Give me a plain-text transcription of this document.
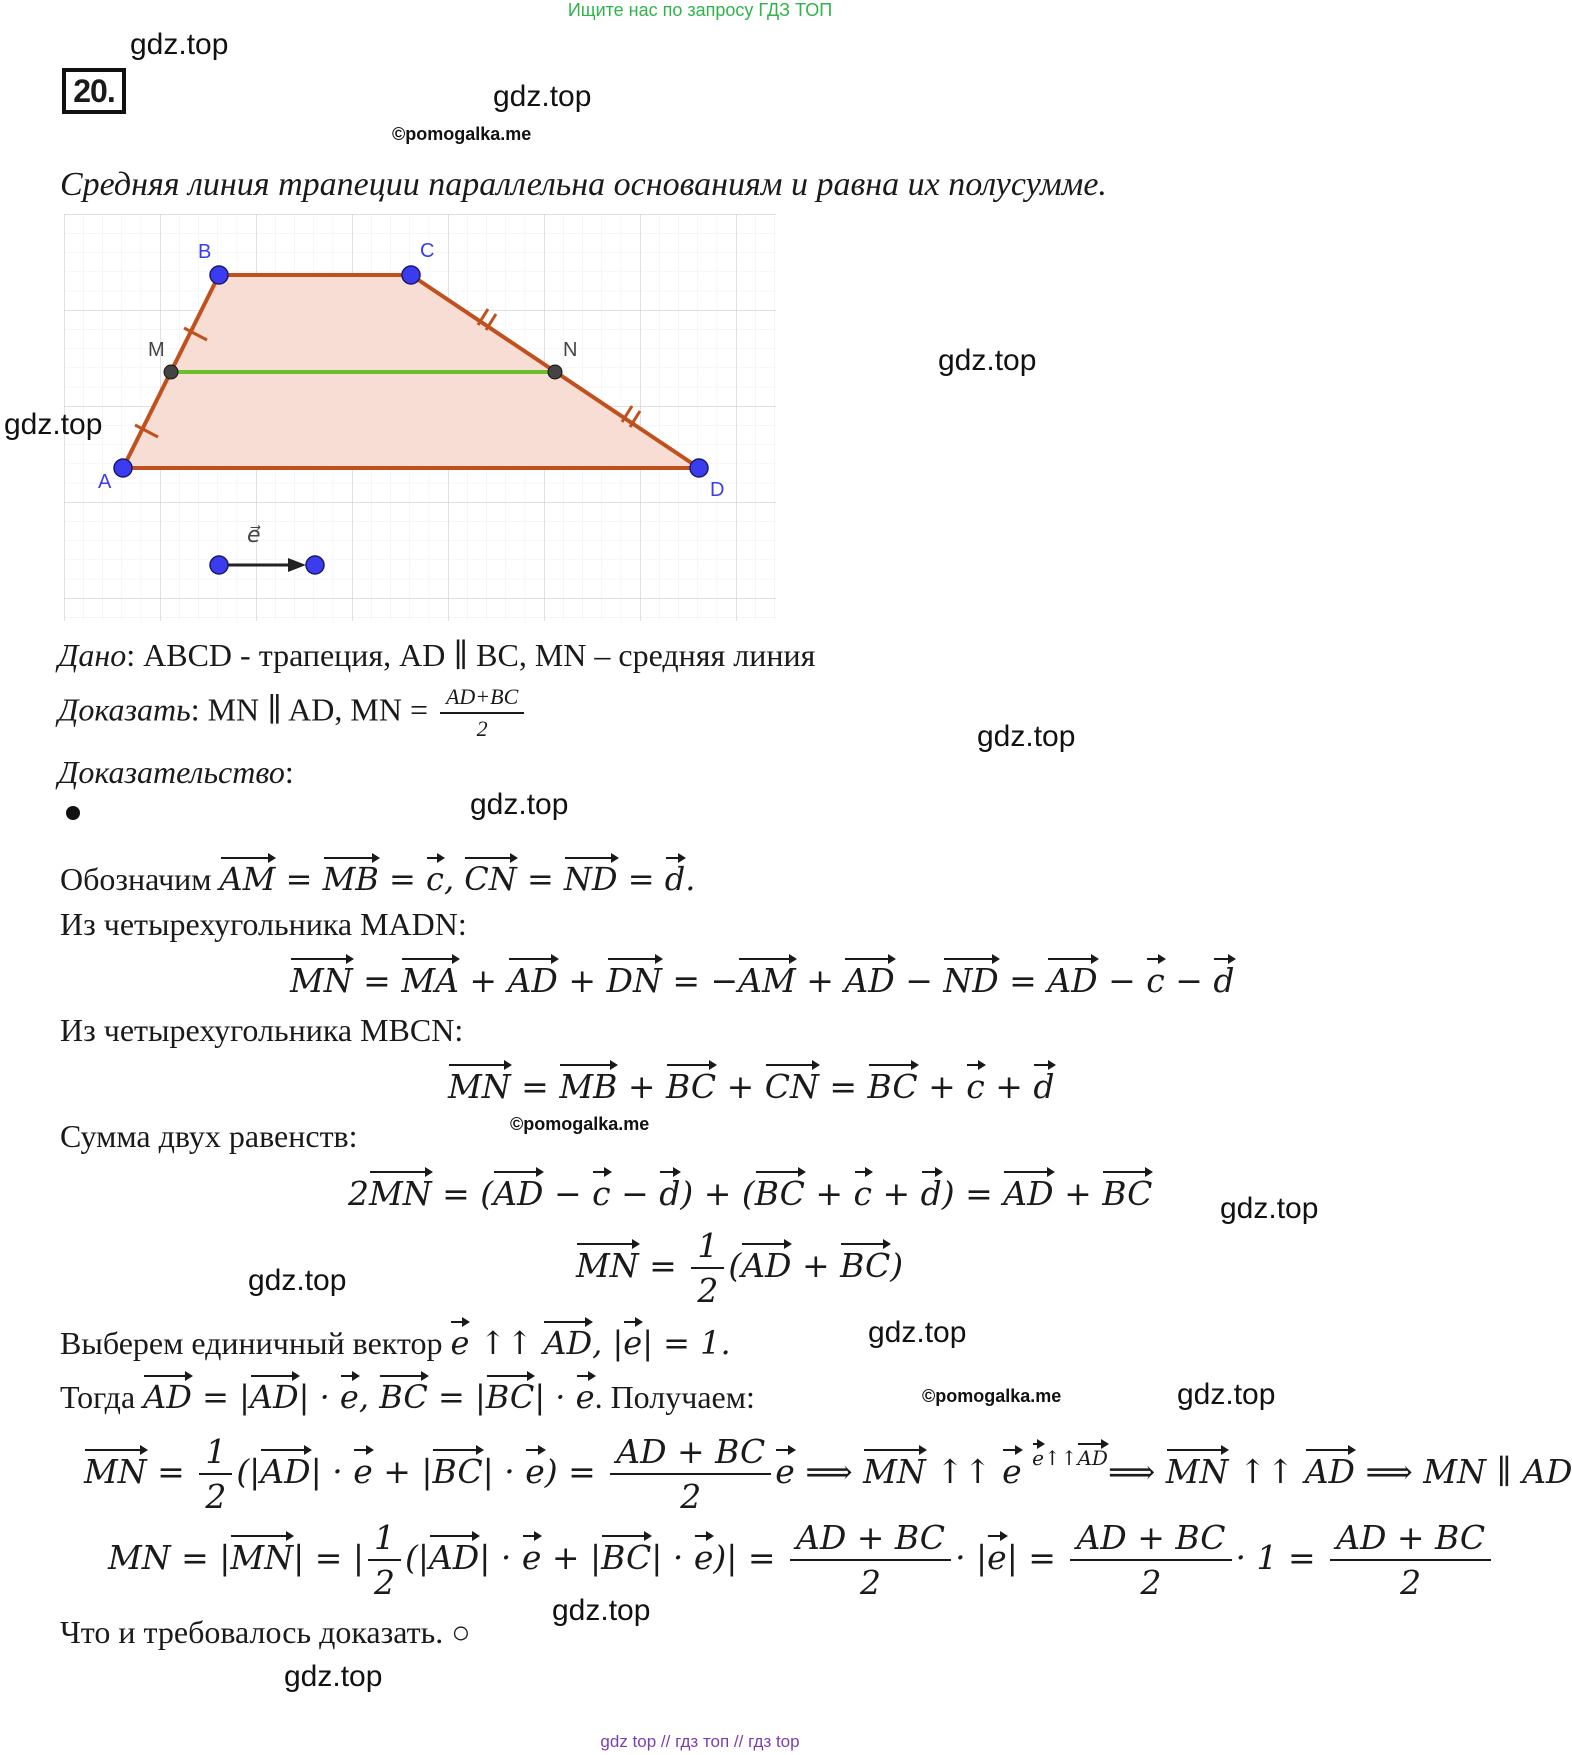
Ищите нас по запросу ГДЗ ТОП
20.
Средняя линия трапеции параллельна основаниям и равна их полусумме.
A
B	C
D
M	N
e⃗
Дано: ABCD - трапеция, AD ∥ BC, MN – средняя линия
Доказать: MN ∥ AD, MN = $\frac{AD+BC}{2}$
Доказательство:
Обозначим AM = MB = c, CN = ND = d.
Из четырехугольника MADN:
MN = MA + AD + DN = −AM + AD − ND = AD − c − d
Из четырехугольника MBCN:
MN = MB + BC + CN = BC + c + d
Сумма двух равенств:
2MN = (AD − c − d) + (BC + c + d) = AD + BC
MN = $\frac{1}{2} (AD + BC)$
Выберем единичный вектор e ↑↑ AD, |e| = 1.
Тогда AD = |AD| · e, BC = |BC| · e. Получаем:
MN = $\frac{1}{2} (|AD| \cdot e + |BC| \cdot e) = \frac{AD + BC}{2}$ e ⟹ MN ↑↑ e $^{e↑↑AD}$⟹ MN ↑↑ AD ⟹ MN ∥ AD
MN = |MN| = | $\frac{1}{2} (|AD| \cdot e + |BC| \cdot e)| = \frac{AD + BC}{2} \cdot |e| = \frac{AD + BC}{2} \cdot 1 = \frac{AD + BC}{2}$
Что и требовалось доказать. ○
gdz.top
gdz.top
gdz.top
gdz.top
gdz.top
gdz.top
gdz.top
gdz.top
gdz.top
gdz.top
gdz.top
gdz.top
©pomogalka.me
©pomogalka.me
©pomogalka.me
gdz top // гдз топ // гдз top
